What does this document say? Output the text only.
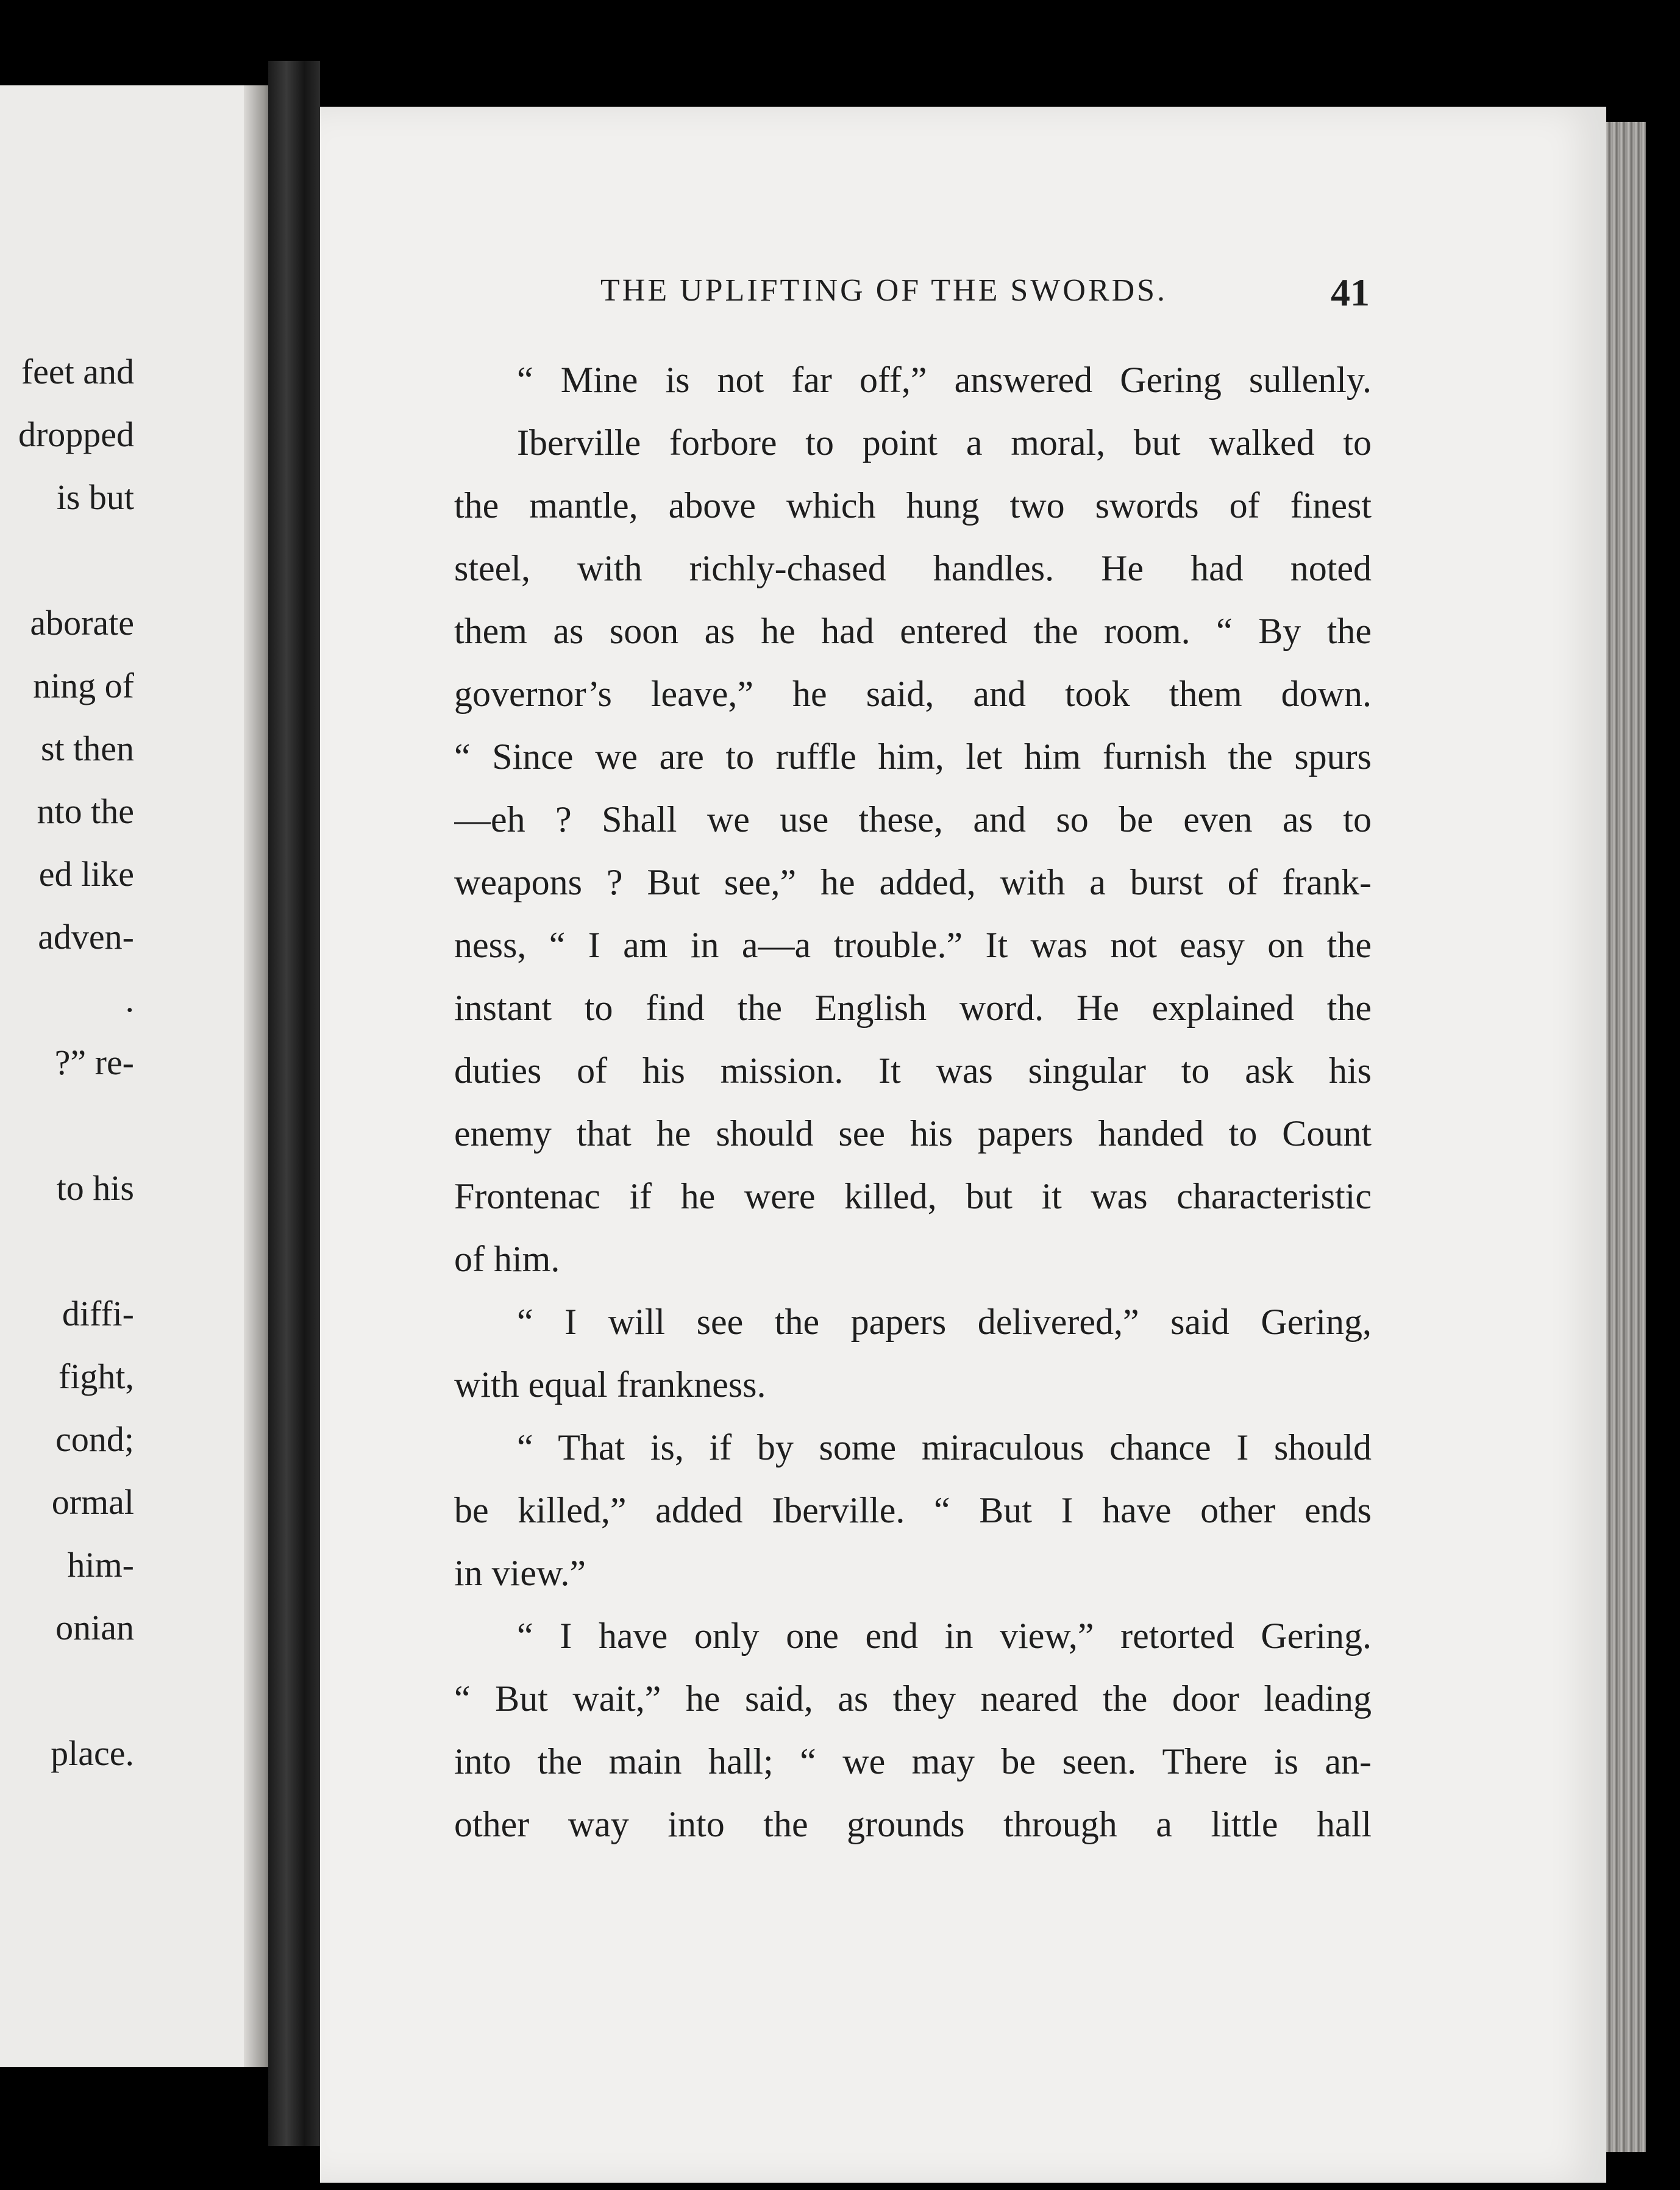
feet and
dropped
is but
aborate
ning of
st then
nto the
ed like
adven-
.
?” re-
to his
diffi-
fight,
cond;
ormal
him-
onian
place.
THE UPLIFTING OF THE SWORDS.	41
“ Mine is not far off,” answered Gering sullenly.
Iberville forbore to point a moral, but walked to
the mantle, above which hung two swords of finest
steel, with richly-chased handles. He had noted
them as soon as he had entered the room. “ By the
governor’s leave,” he said, and took them down.
“ Since we are to ruffle him, let him furnish the spurs
—eh ? Shall we use these, and so be even as to
weapons ? But see,” he added, with a burst of frank-
ness, “ I am in a—a trouble.” It was not easy on the
instant to find the English word. He explained the
duties of his mission. It was singular to ask his
enemy that he should see his papers handed to Count
Frontenac if he were killed, but it was characteristic
of him.
“ I will see the papers delivered,” said Gering,
with equal frankness.
“ That is, if by some miraculous chance I should
be killed,” added Iberville. “ But I have other ends
in view.”
“ I have only one end in view,” retorted Gering.
“ But wait,” he said, as they neared the door leading
into the main hall; “ we may be seen. There is an-
other way into the grounds through a little hall
